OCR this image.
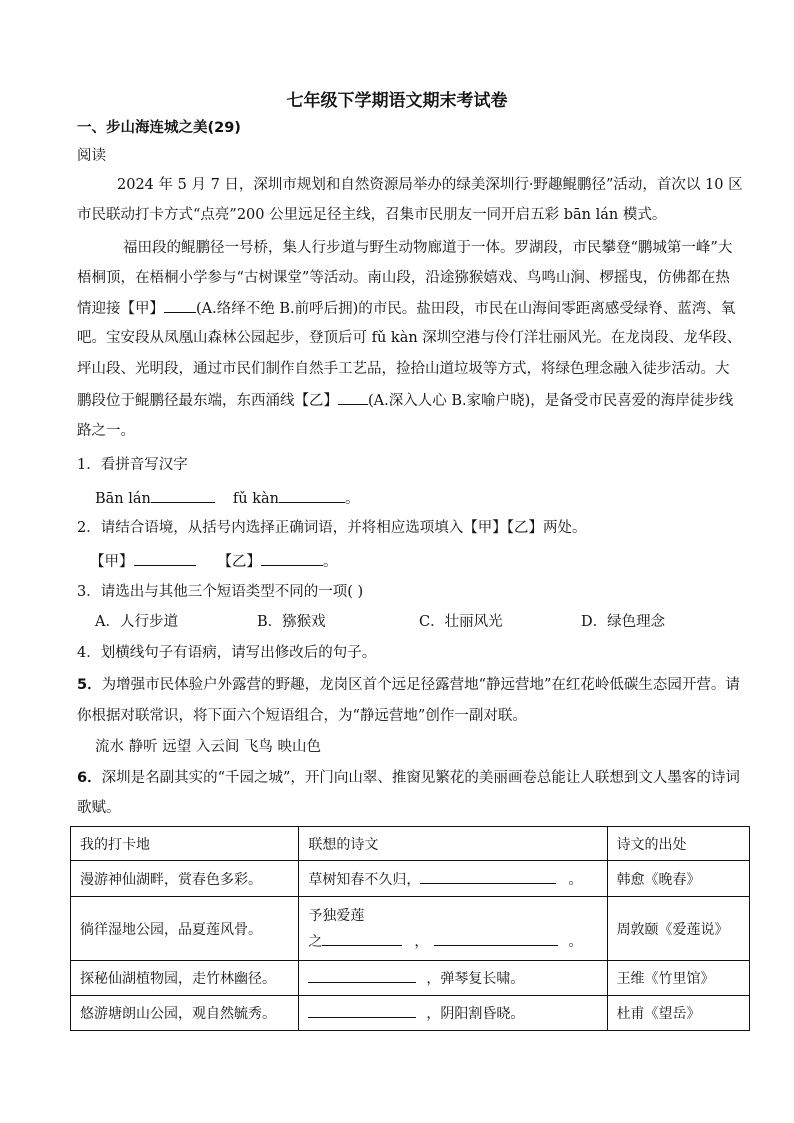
七年级下学期语文期末考试卷
一、步山海连城之美(29)
阅读
2024 年 5 月 7 日，深圳市规划和自然资源局举办的绿美深圳行·野趣鲲鹏径”活动，首次以 10 区
市民联动打卡方式“点亮”200 公里远足径主线，召集市民朋友一同开启五彩 bān lán 模式。
福田段的鲲鹏径一号桥，集人行步道与野生动物廊道于一体。罗湖段，市民攀登“鹏城第一峰”大
梧桐顶，在梧桐小学参与“古树课堂”等活动。南山段，沿途猕猴嬉戏、鸟鸣山涧、椤摇曳，仿佛都在热
情迎接【甲】 (A.络绎不绝 B.前呼后拥)的市民。盐田段，市民在山海间零距离感受绿脊、蓝湾、氧
吧。宝安段从凤凰山森林公园起步，登顶后可 fǔ kàn 深圳空港与伶仃洋壮丽风光。在龙岗段、龙华段、
坪山段、光明段，通过市民们制作自然手工艺品，捡拾山道垃圾等方式，将绿色理念融入徒步活动。大
鹏段位于鲲鹏径最东端，东西涌线【乙】 (A.深入人心 B.家喻户晓)，是备受市民喜爱的海岸徒步线
路之一。
1．看拼音写汉字
Bān lán	fǔ kàn	。
2．请结合语境，从括号内选择正确词语，并将相应选项填入【甲】【乙】两处。
【甲】	【乙】	。
3．请选出与其他三个短语类型不同的一项( )
A．人行步道	B．猕猴戏	C．壮丽风光	D．绿色理念
4．划横线句子有语病，请写出修改后的句子。
5．为增强市民体验户外露营的野趣，龙岗区首个远足径露营地“静远营地”在红花岭低碳生态园开营。请
你根据对联常识，将下面六个短语组合，为“静远营地”创作一副对联。
流水 静听 远望 入云间 飞鸟 映山色
6．深圳是名副其实的“千园之城”，开门向山翠、推窗见繁花的美丽画卷总能让人联想到文人墨客的诗词
歌赋。
我的打卡地	联想的诗文	诗文的出处
漫游神仙湖畔，赏春色多彩。	草树知春不久归， 。	韩愈《晚春》
徜徉湿地公园，品夏莲风骨。	予独爱莲
之 ， 。	周敦颐《爱莲说》
探秘仙湖植物园，走竹林幽径。	，弹琴复长啸。	王维《竹里馆》
悠游塘朗山公园，观自然毓秀。	，阴阳割昏晓。	杜甫《望岳》
